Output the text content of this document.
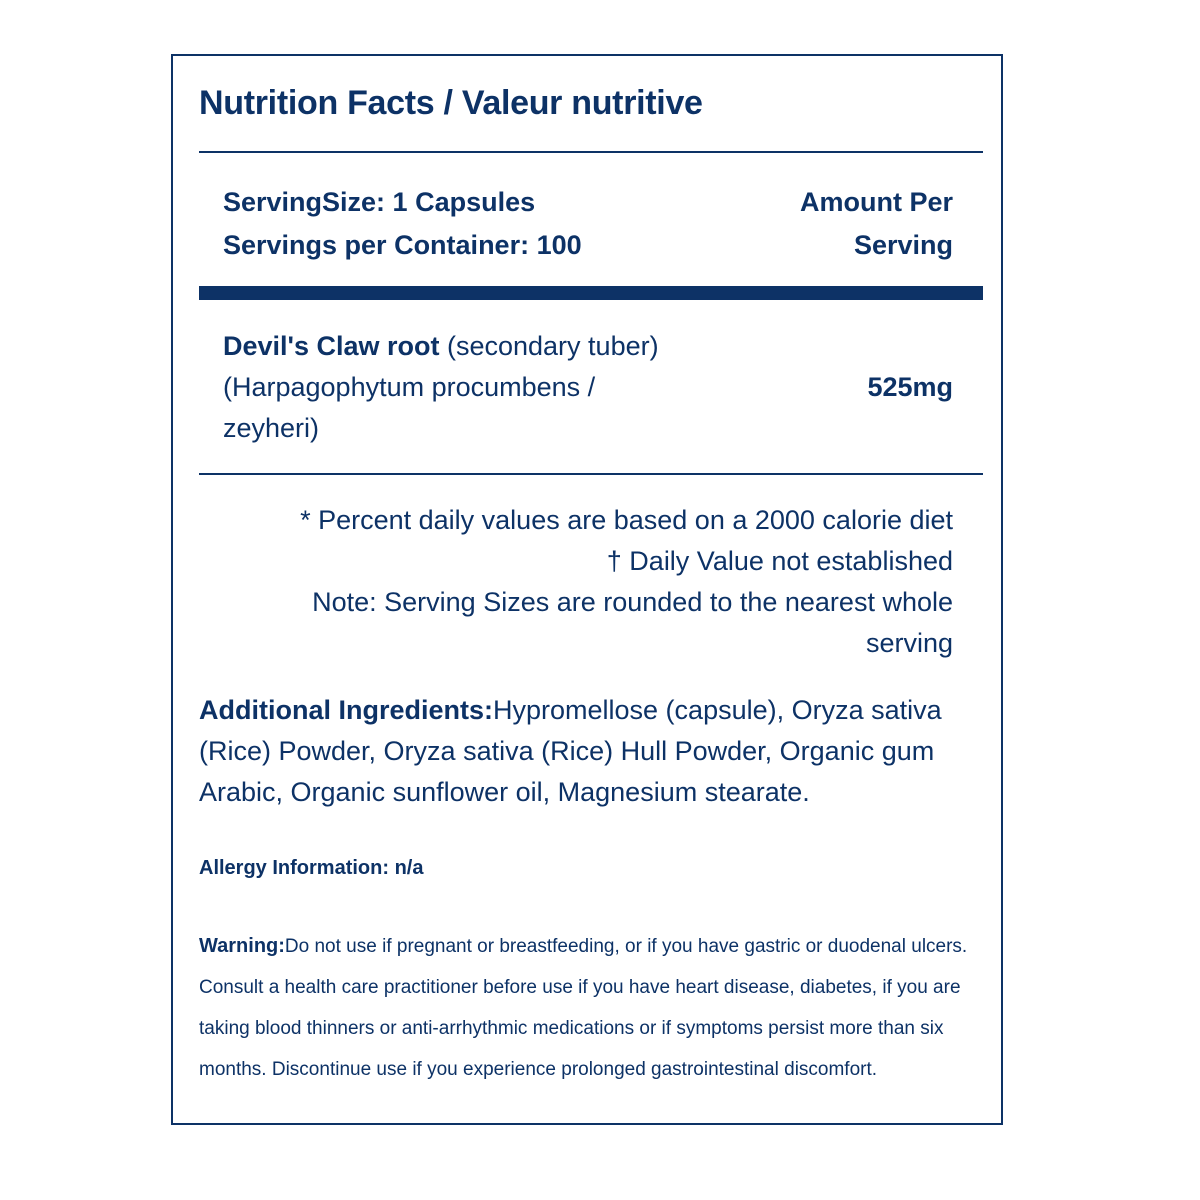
Nutrition Facts / Valeur nutritive
ServingSize: 1 Capsules
Servings per Container: 100
Amount Per
Serving
Devil's Claw root (secondary tuber) (Harpagophytum procumbens / zeyheri)
525mg
* Percent daily values are based on a 2000 calorie diet
† Daily Value not established
Note: Serving Sizes are rounded to the nearest whole serving
Additional Ingredients:Hypromellose (capsule), Oryza sativa (Rice) Powder, Oryza sativa (Rice) Hull Powder, Organic gum Arabic, Organic sunflower oil, Magnesium stearate.
Allergy Information: n/a
Warning:Do not use if pregnant or breastfeeding, or if you have gastric or duodenal ulcers. Consult a health care practitioner before use if you have heart disease, diabetes, if you are taking blood thinners or anti-arrhythmic medications or if symptoms persist more than six months. Discontinue use if you experience prolonged gastrointestinal discomfort.
